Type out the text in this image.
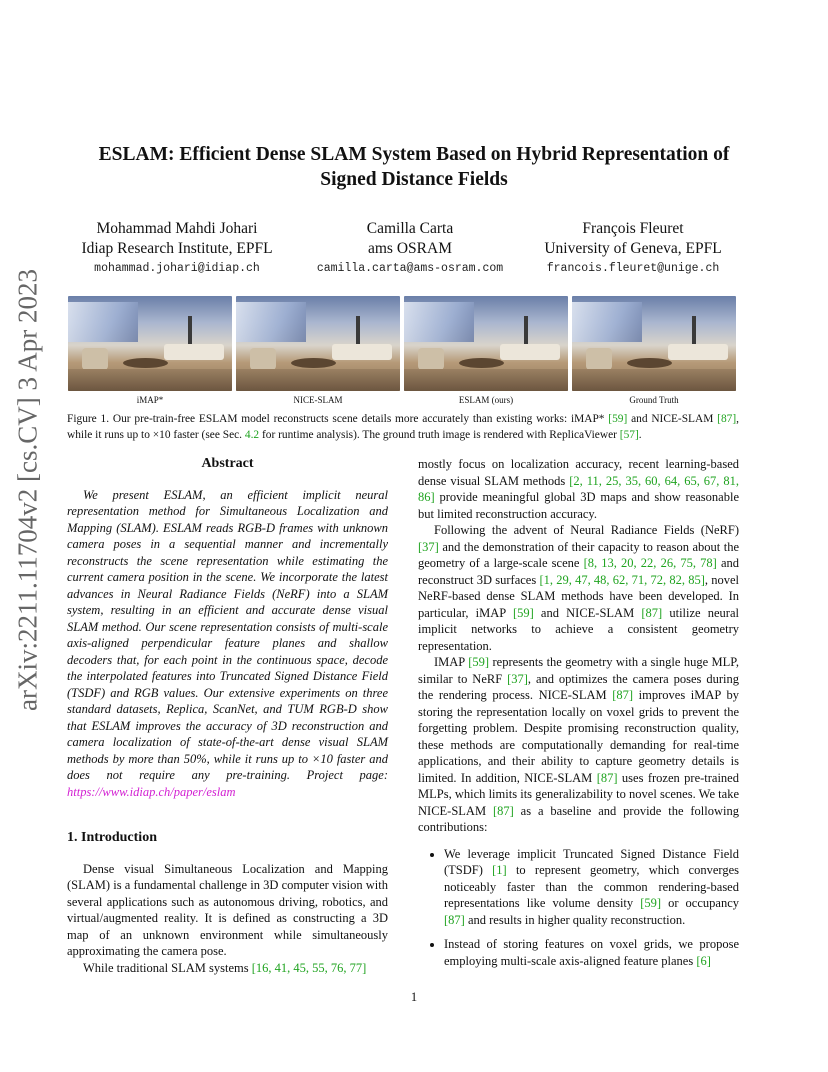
arXiv:2211.11704v2 [cs.CV] 3 Apr 2023
ESLAM: Efficient Dense SLAM System Based on Hybrid Representation of
Signed Distance Fields
Mohammad Mahdi Johari
Idiap Research Institute, EPFL
mohammad.johari@idiap.ch
Camilla Carta
ams OSRAM
camilla.carta@ams-osram.com
François Fleuret
University of Geneva, EPFL
francois.fleuret@unige.ch
iMAP*	NICE-SLAM	ESLAM (ours)	Ground Truth
Figure 1. Our pre-train-free ESLAM model reconstructs scene details more accurately than existing works: iMAP* [59] and NICE-SLAM [87], while it runs up to ×10 faster (see Sec. 4.2 for runtime analysis). The ground truth image is rendered with ReplicaViewer [57].
Abstract

We present ESLAM, an efficient implicit neural representation method for Simultaneous Localization and Mapping (SLAM). ESLAM reads RGB-D frames with unknown camera poses in a sequential manner and incrementally reconstructs the scene representation while estimating the current camera position in the scene. We incorporate the latest advances in Neural Radiance Fields (NeRF) into a SLAM system, resulting in an efficient and accurate dense visual SLAM method. Our scene representation consists of multi-scale axis-aligned perpendicular feature planes and shallow decoders that, for each point in the continuous space, decode the interpolated features into Truncated Signed Distance Field (TSDF) and RGB values. Our extensive experiments on three standard datasets, Replica, ScanNet, and TUM RGB-D show that ESLAM improves the accuracy of 3D reconstruction and camera localization of state-of-the-art dense visual SLAM methods by more than 50%, while it runs up to ×10 faster and does not require any pre-training. Project page: https://www.idiap.ch/paper/eslam

1. Introduction

Dense visual Simultaneous Localization and Mapping (SLAM) is a fundamental challenge in 3D computer vision with several applications such as autonomous driving, robotics, and virtual/augmented reality. It is defined as constructing a 3D map of an unknown environment while simultaneously approximating the camera pose.

While traditional SLAM systems [16, 41, 45, 55, 76, 77]

mostly focus on localization accuracy, recent learning-based dense visual SLAM methods [2, 11, 25, 35, 60, 64, 65, 67, 81, 86] provide meaningful global 3D maps and show reasonable but limited reconstruction accuracy.

Following the advent of Neural Radiance Fields (NeRF) [37] and the demonstration of their capacity to reason about the geometry of a large-scale scene [8, 13, 20, 22, 26, 75, 78] and reconstruct 3D surfaces [1, 29, 47, 48, 62, 71, 72, 82, 85], novel NeRF-based dense SLAM methods have been developed. In particular, iMAP [59] and NICE-SLAM [87] utilize neural implicit networks to achieve a consistent geometry representation.

IMAP [59] represents the geometry with a single huge MLP, similar to NeRF [37], and optimizes the camera poses during the rendering process. NICE-SLAM [87] improves iMAP by storing the representation locally on voxel grids to prevent the forgetting problem. Despite promising reconstruction quality, these methods are computationally demanding for real-time applications, and their ability to capture geometry details is limited. In addition, NICE-SLAM [87] uses frozen pre-trained MLPs, which limits its generalizability to novel scenes. We take NICE-SLAM [87] as a baseline and provide the following contributions:

• We leverage implicit Truncated Signed Distance Field (TSDF) [1] to represent geometry, which converges noticeably faster than the common rendering-based representations like volume density [59] or occupancy [87] and results in higher quality reconstruction.
• Instead of storing features on voxel grids, we propose employing multi-scale axis-aligned feature planes [6]
1
